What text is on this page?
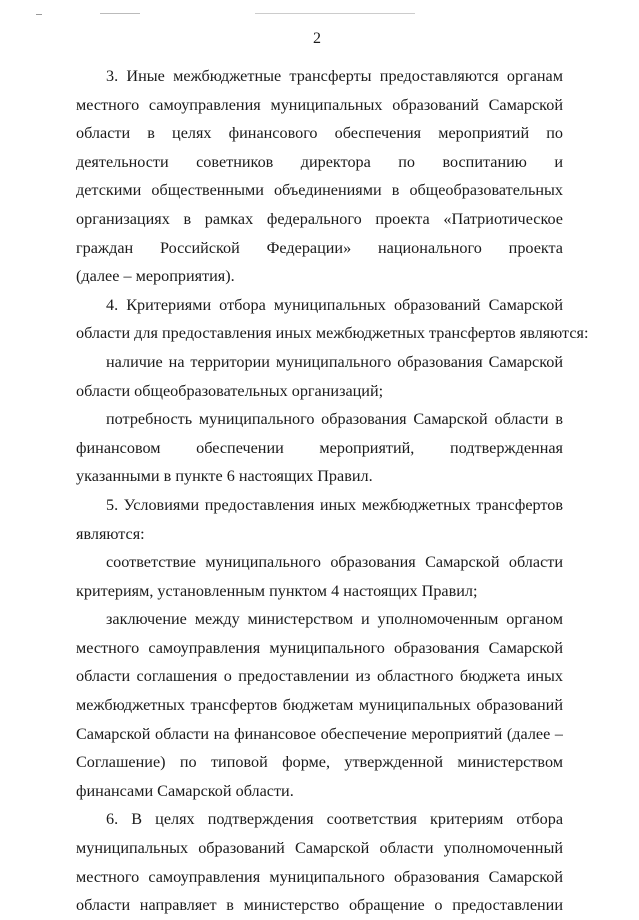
2
3. Иные межбюджетные трансферты предоставляются органам
местного самоуправления муниципальных образований Самарской
области в целях финансового обеспечения мероприятий по
деятельности советников директора по воспитанию и
детскими общественными объединениями в общеобразовательных
организациях в рамках федерального проекта «Патриотическое
граждан Российской Федерации» национального проекта
(далее – мероприятия).
4. Критериями отбора муниципальных образований Самарской
области для предоставления иных межбюджетных трансфертов являются:
наличие на территории муниципального образования Самарской
области общеобразовательных организаций;
потребность муниципального образования Самарской области в
финансовом обеспечении мероприятий, подтвержденная
указанными в пункте 6 настоящих Правил.
5. Условиями предоставления иных межбюджетных трансфертов
являются:
соответствие муниципального образования Самарской области
критериям, установленным пунктом 4 настоящих Правил;
заключение между министерством и уполномоченным органом
местного самоуправления муниципального образования Самарской
области соглашения о предоставлении из областного бюджета иных
межбюджетных трансфертов бюджетам муниципальных образований
Самарской области на финансовое обеспечение мероприятий (далее –
Соглашение) по типовой форме, утвержденной министерством
финансами Самарской области.
6. В целях подтверждения соответствия критериям отбора
муниципальных образований Самарской области уполномоченный
местного самоуправления муниципального образования Самарской
области направляет в министерство обращение о предоставлении
